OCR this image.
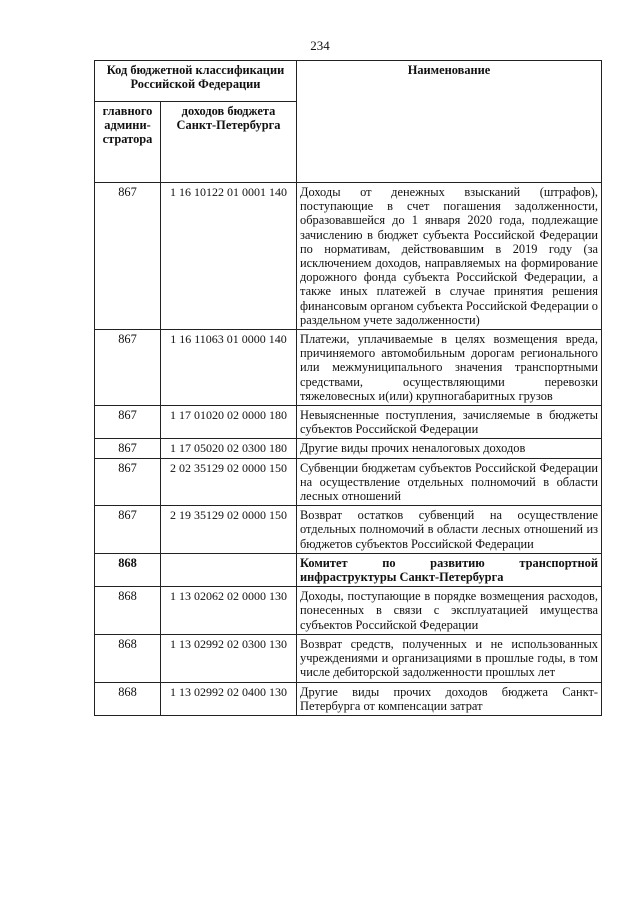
234
Код бюджетной классификации Российской Федерации		Наименование
главного админи-стратора	доходов бюджета Санкт-Петербурга	
867	1 16 10122 01 0001 140	Доходы от денежных взысканий (штрафов), поступающие в счет погашения задолженности, образовавшейся до 1 января 2020 года, подлежащие зачислению в бюджет субъекта Российской Федерации по нормативам, действовавшим в 2019 году (за исключением доходов, направляемых на формирование дорожного фонда субъекта Российской Федерации, а также иных платежей в случае принятия решения финансовым органом субъекта Российской Федерации о раздельном учете задолженности)
867	1 16 11063 01 0000 140	Платежи, уплачиваемые в целях возмещения вреда, причиняемого автомобильным дорогам регионального или межмуниципального значения транспортными средствами, осуществляющими перевозки тяжеловесных и(или) крупногабаритных грузов
867	1 17 01020 02 0000 180	Невыясненные поступления, зачисляемые в бюджеты субъектов Российской Федерации
867	1 17 05020 02 0300 180	Другие виды прочих неналоговых доходов
867	2 02 35129 02 0000 150	Субвенции бюджетам субъектов Российской Федерации на осуществление отдельных полномочий в области лесных отношений
867	2 19 35129 02 0000 150	Возврат остатков субвенций на осуществление отдельных полномочий в области лесных отношений из бюджетов субъектов Российской Федерации
868		Комитет по развитию транспортной инфраструктуры Санкт-Петербурга
868	1 13 02062 02 0000 130	Доходы, поступающие в порядке возмещения расходов, понесенных в связи с эксплуатацией имущества субъектов Российской Федерации
868	1 13 02992 02 0300 130	Возврат средств, полученных и не использованных учреждениями и организациями в прошлые годы, в том числе дебиторской задолженности прошлых лет
868	1 13 02992 02 0400 130	Другие виды прочих доходов бюджета Санкт-Петербурга от компенсации затрат
